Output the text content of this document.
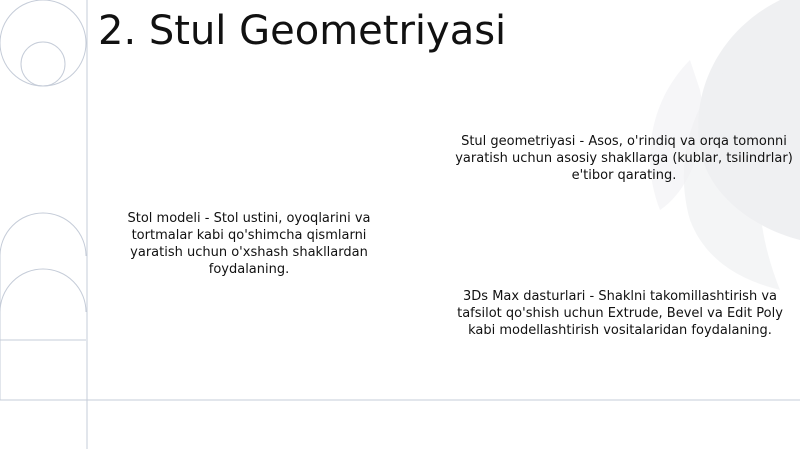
2. Stul Geometriyasi

Stul geometriyasi - Asos, o'rindiq va orqa tomonni yaratish uchun asosiy shakllarga (kublar, tsilindrlar) e'tibor qarating.

Stol modeli - Stol ustini, oyoqlarini va tortmalar kabi qo'shimcha qismlarni yaratish uchun o'xshash shakllardan foydalaning.

3Ds Max dasturlari - Shaklni takomillashtirish va tafsilot qo'shish uchun Extrude, Bevel va Edit Poly kabi modellashtirish vositalaridan foydalaning.
